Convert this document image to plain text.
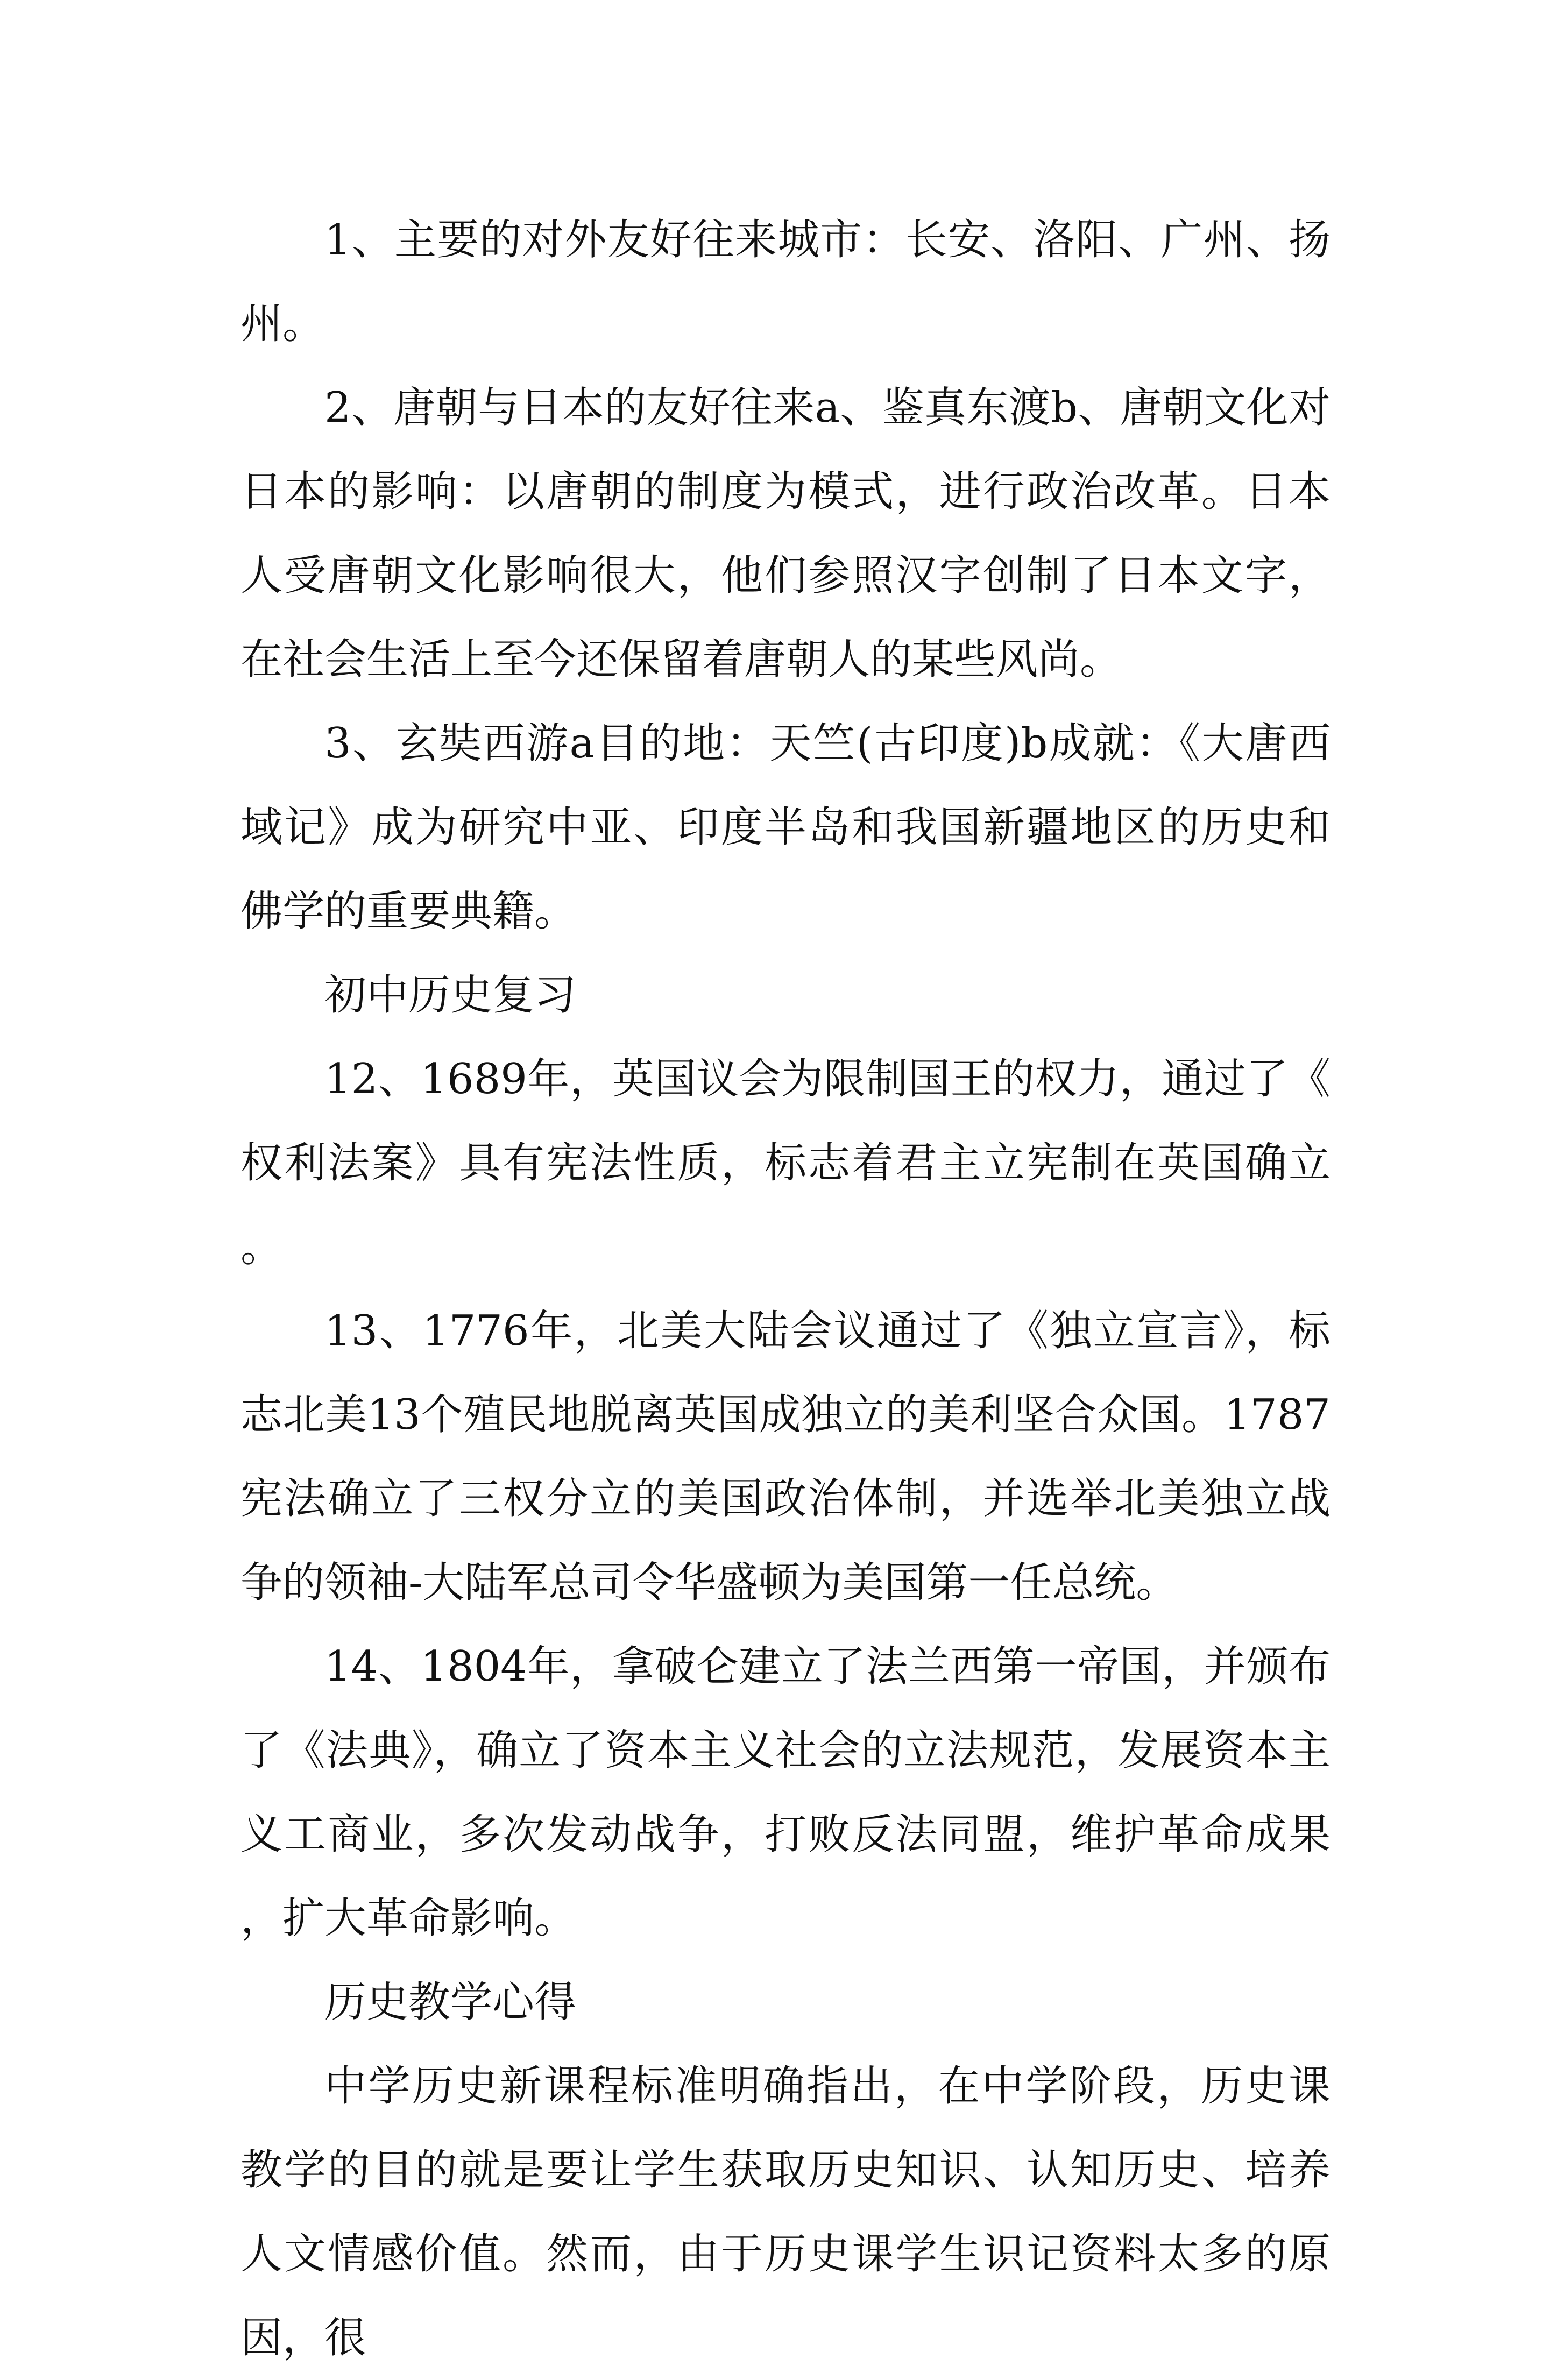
1、主要的对外友好往来城市：长安、洛阳、广州、扬州。

2、唐朝与日本的友好往来a、鉴真东渡b、唐朝文化对日本的影响：以唐朝的制度为模式，进行政治改革。日本人受唐朝文化影响很大，他们参照汉字创制了日本文字，在社会生活上至今还保留着唐朝人的某些风尚。

3、玄奘西游a目的地：天竺(古印度)b成就：《大唐西域记》成为研究中亚、印度半岛和我国新疆地区的历史和佛学的重要典籍。

初中历史复习

12、1689年，英国议会为限制国王的权力，通过了《权利法案》具有宪法性质，标志着君主立宪制在英国确立。

13、1776年，北美大陆会议通过了《独立宣言》，标志北美13个殖民地脱离英国成独立的美利坚合众国。1787宪法确立了三权分立的美国政治体制，并选举北美独立战争的领袖-大陆军总司令华盛顿为美国第一任总统。

14、1804年，拿破仑建立了法兰西第一帝国，并颁布了《法典》，确立了资本主义社会的立法规范，发展资本主义工商业，多次发动战争，打败反法同盟，维护革命成果，扩大革命影响。

历史教学心得

中学历史新课程标准明确指出，在中学阶段，历史课教学的目的就是要让学生获取历史知识、认知历史、培养人文情感价值。然而，由于历史课学生识记资料太多的原因，很
